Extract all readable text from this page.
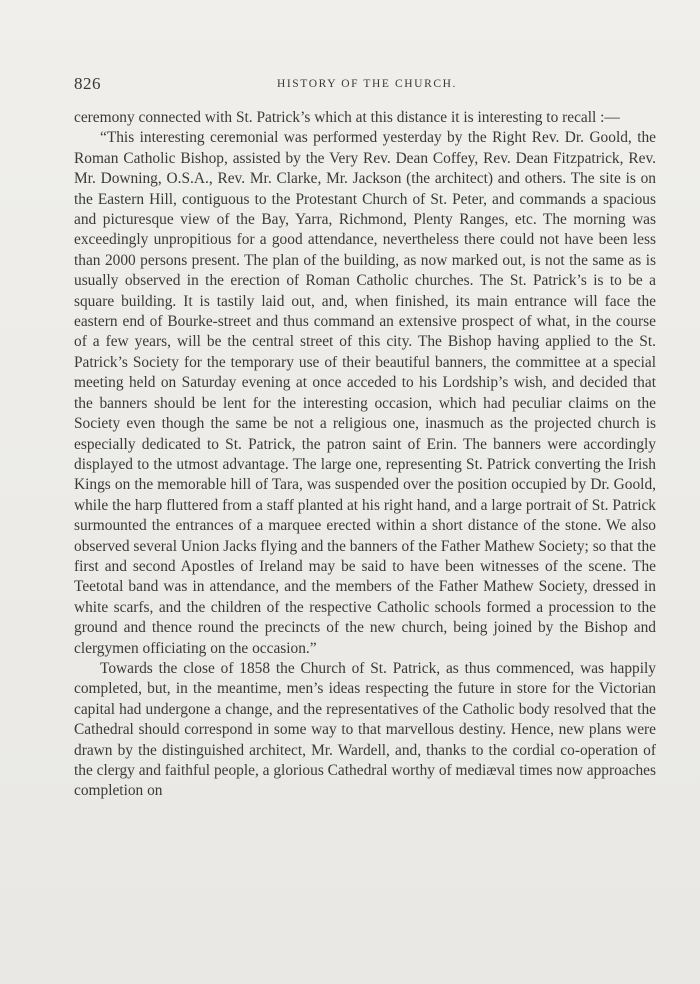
826	HISTORY OF THE CHURCH.

ceremony connected with St. Patrick’s which at this distance it is interesting to recall :—

“This interesting ceremonial was performed yesterday by the Right Rev. Dr. Goold, the Roman Catholic Bishop, assisted by the Very Rev. Dean Coffey, Rev. Dean Fitzpatrick, Rev. Mr. Downing, O.S.A., Rev. Mr. Clarke, Mr. Jackson (the architect) and others. The site is on the Eastern Hill, contiguous to the Protestant Church of St. Peter, and commands a spacious and picturesque view of the Bay, Yarra, Richmond, Plenty Ranges, etc. The morning was exceedingly unpropitious for a good attendance, nevertheless there could not have been less than 2000 persons present. The plan of the building, as now marked out, is not the same as is usually observed in the erection of Roman Catholic churches. The St. Patrick’s is to be a square building. It is tastily laid out, and, when finished, its main entrance will face the eastern end of Bourke-street and thus command an extensive prospect of what, in the course of a few years, will be the central street of this city. The Bishop having applied to the St. Patrick’s Society for the temporary use of their beautiful banners, the committee at a special meeting held on Saturday evening at once acceded to his Lordship’s wish, and decided that the banners should be lent for the interesting occasion, which had peculiar claims on the Society even though the same be not a religious one, inasmuch as the projected church is especially dedicated to St. Patrick, the patron saint of Erin. The banners were accordingly displayed to the utmost advantage. The large one, representing St. Patrick converting the Irish Kings on the memorable hill of Tara, was suspended over the position occupied by Dr. Goold, while the harp fluttered from a staff planted at his right hand, and a large portrait of St. Patrick surmounted the entrances of a marquee erected within a short distance of the stone. We also observed several Union Jacks flying and the banners of the Father Mathew Society; so that the first and second Apostles of Ireland may be said to have been witnesses of the scene. The Teetotal band was in attendance, and the members of the Father Mathew Society, dressed in white scarfs, and the children of the respective Catholic schools formed a procession to the ground and thence round the precincts of the new church, being joined by the Bishop and clergymen officiating on the occasion.”

Towards the close of 1858 the Church of St. Patrick, as thus commenced, was happily completed, but, in the meantime, men’s ideas respecting the future in store for the Victorian capital had undergone a change, and the representatives of the Catholic body resolved that the Cathedral should correspond in some way to that marvellous destiny. Hence, new plans were drawn by the distinguished architect, Mr. Wardell, and, thanks to the cordial co-operation of the clergy and faithful people, a glorious Cathedral worthy of mediæval times now approaches completion on
